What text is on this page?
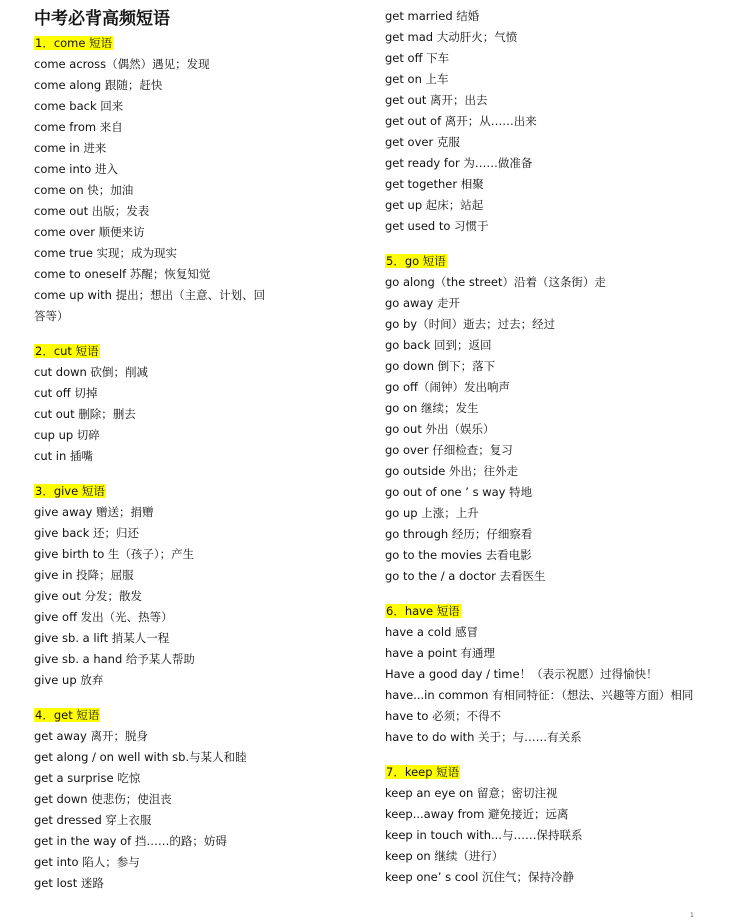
中考必背高频短语
1．come 短语
come across（偶然）遇见；发现
come along 跟随；赶快
come back 回来
come from 来自
come in 进来
come into 进入
come on 快；加油
come out 出版；发表
come over 顺便来访
come true 实现；成为现实
come to oneself 苏醒；恢复知觉
come up with 提出；想出（主意、计划、回
答等）
2．cut 短语
cut down 砍倒；削减
cut off 切掉
cut out 删除；删去
cup up 切碎
cut in 插嘴
3．give 短语
give away 赠送；捐赠
give back 还；归还
give birth to 生（孩子）；产生
give in 投降；屈服
give out 分发；散发
give off 发出（光、热等）
give sb. a lift 捎某人一程
give sb. a hand 给予某人帮助
give up 放弃
4．get 短语
get away 离开；脱身
get along / on well with sb.与某人和睦
get a surprise 吃惊
get down 使悲伤；使沮丧
get dressed 穿上衣服
get in the way of 挡……的路；妨碍
get into 陷人；参与
get lost 迷路
get married 结婚
get mad 大动肝火；气愤
get off 下车
get on 上车
get out 离开；出去
get out of 离开；从……出来
get over 克服
get ready for 为……做准备
get together 相聚
get up 起床；站起
get used to 习惯于
5．go 短语
go along（the street）沿着（这条街）走
go away 走开
go by（时间）逝去；过去；经过
go back 回到；返回
go down 倒下；落下
go off（闹钟）发出响声
go on 继续；发生
go out 外出（娱乐）
go over 仔细检查；复习
go outside 外出；往外走
go out of one ’ s way 特地
go up 上涨；上升
go through 经历；仔细察看
go to the movies 去看电影
go to the / a doctor 去看医生
6．have 短语
have a cold 感冒
have a point 有通理
Have a good day / time！（表示祝愿）过得愉快！
have...in common 有相同特征：（想法、兴趣等方面）相同
have to 必须；不得不
have to do with 关于；与……有关系
7．keep 短语
keep an eye on 留意；密切注视
keep...away from 避免接近；远离
keep in touch with...与……保持联系
keep on 继续（进行）
keep one’ s cool 沉住气；保持冷静
1
